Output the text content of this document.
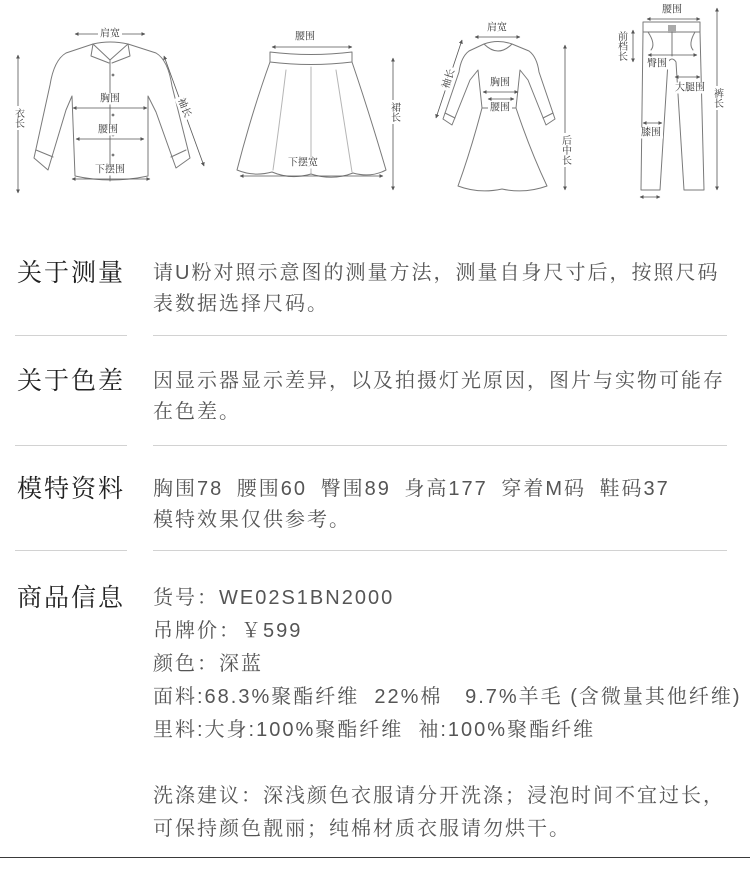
肩宽
衣长	袖长
胸围
腰围
下摆围
腰围
裙长
下摆宽
肩宽
袖长	胸围
腰围
后中长
腰围
前档长
臀围
大腿围 裤长
膝围
关于测量 请U粉对照示意图的测量方法，测量自身尺寸后，按照尺码
表数据选择尺码。
关于色差 因显示器显示差异，以及拍摄灯光原因，图片与实物可能存
在色差。
模特资料 胸围78 腰围60 臀围89 身高177 穿着M码 鞋码37
模特效果仅供参考。
商品信息 货号：WE02S1BN2000
吊牌价：￥599
颜色：深蓝
面料:68.3%聚酯纤维  22%棉   9.7%羊毛 (含微量其他纤维)
里料:大身:100%聚酯纤维  袖:100%聚酯纤维
洗涤建议：深浅颜色衣服请分开洗涤；浸泡时间不宜过长，
可保持颜色靓丽；纯棉材质衣服请勿烘干。
